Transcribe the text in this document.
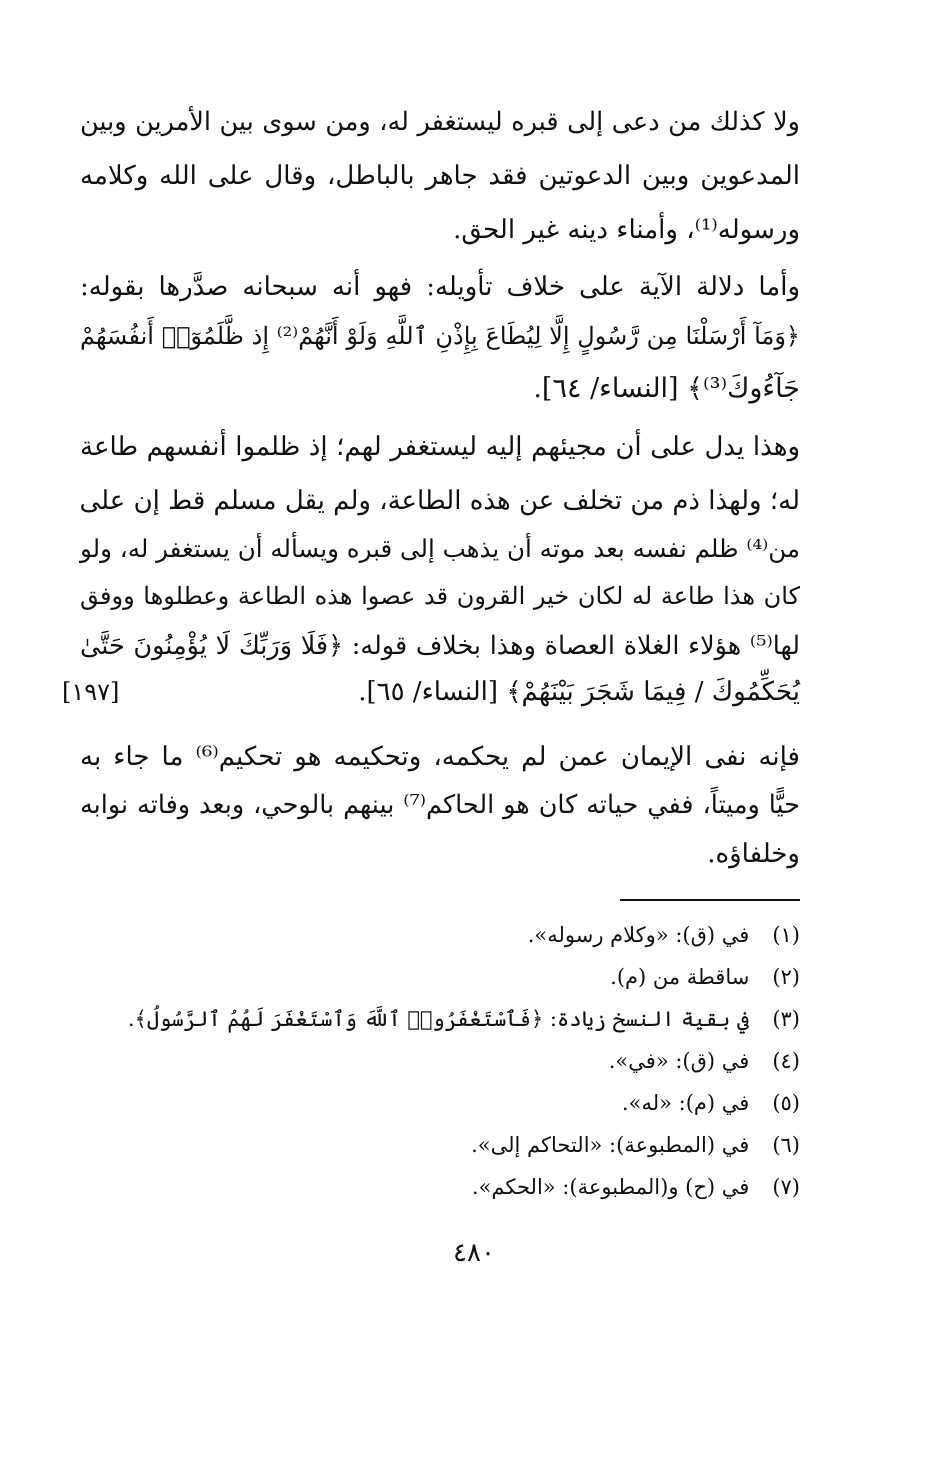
ولا كذلك من دعى إلى قبره ليستغفر له، ومن سوى بين الأمرين وبين
المدعوين وبين الدعوتين فقد جاهر بالباطل، وقال على الله وكلامه
ورسوله⁽¹⁾، وأمناء دينه غير الحق.
وأما دلالة الآية على خلاف تأويله: فهو أنه سبحانه صدَّرها بقوله:
﴿وَمَآ أَرْسَلْنَا مِن رَّسُولٍ إِلَّا لِيُطَاعَ بِإِذْنِ ٱللَّهِ وَلَوْ أَنَّهُمْ⁽²⁾ إِذ ظَّلَمُوٓا۟ أَنفُسَهُمْ
جَآءُوكَ⁽³⁾﴾ [النساء/ ٦٤].
وهذا يدل على أن مجيئهم إليه ليستغفر لهم؛ إذ ظلموا أنفسهم طاعة
له؛ ولهذا ذم من تخلف عن هذه الطاعة، ولم يقل مسلم قط إن على
من⁽⁴⁾ ظلم نفسه بعد موته أن يذهب إلى قبره ويسأله أن يستغفر له، ولو
كان هذا طاعة له لكان خير القرون قد عصوا هذه الطاعة وعطلوها ووفق
لها⁽⁵⁾ هؤلاء الغلاة العصاة وهذا بخلاف قوله: ﴿فَلَا وَرَبِّكَ لَا يُؤْمِنُونَ حَتَّىٰ
يُحَكِّمُوكَ / فِيمَا شَجَرَ بَيْنَهُمْ﴾ [النساء/ ٦٥].
[١٩٧]
فإنه نفى الإيمان عمن لم يحكمه، وتحكيمه هو تحكيم⁽⁶⁾ ما جاء به
حيًّا وميتاً، ففي حياته كان هو الحاكم⁽⁷⁾ بينهم بالوحي، وبعد وفاته نوابه
وخلفاؤه.
(١) في (ق): «وكلام رسوله».
(٢) ساقطة من (م).
(٣) في بقية النسخ زيادة: ﴿فَٱسْتَغْفَرُوا۟ ٱللَّهَ وَٱسْتَغْفَرَ لَهُمُ ٱلرَّسُولُ﴾.
(٤) في (ق): «في».
(٥) في (م): «له».
(٦) في (المطبوعة): «التحاكم إلى».
(٧) في (ح) و(المطبوعة): «الحكم».
٤٨٠
